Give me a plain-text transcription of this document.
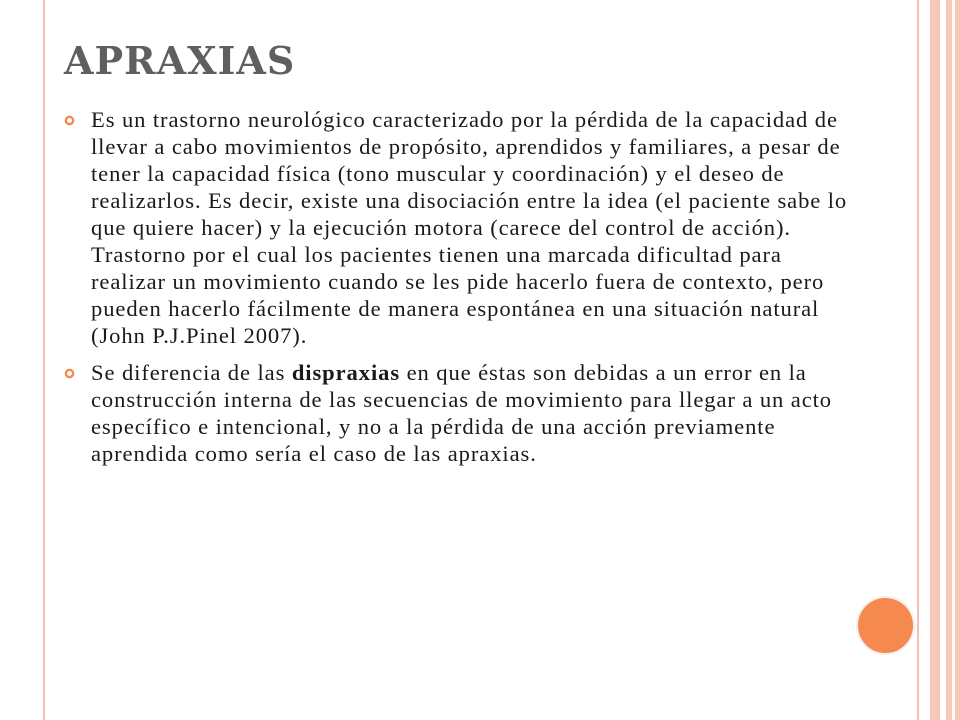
APRAXIAS
Es un trastorno neurológico caracterizado por la pérdida de la capacidad de llevar a cabo movimientos de propósito, aprendidos y familiares, a pesar de tener la capacidad física (tono muscular y coordinación) y el deseo de realizarlos. Es decir, existe una disociación entre la idea (el paciente sabe lo que quiere hacer) y la ejecución motora (carece del control de acción). Trastorno por el cual los pacientes tienen una marcada dificultad para realizar un movimiento cuando se les pide hacerlo fuera de contexto, pero pueden hacerlo fácilmente de manera espontánea en una situación natural (John P.J.Pinel 2007).
Se diferencia de las dispraxias en que éstas son debidas a un error en la construcción interna de las secuencias de movimiento para llegar a un acto específico e intencional, y no a la pérdida de una acción previamente aprendida como sería el caso de las apraxias.
